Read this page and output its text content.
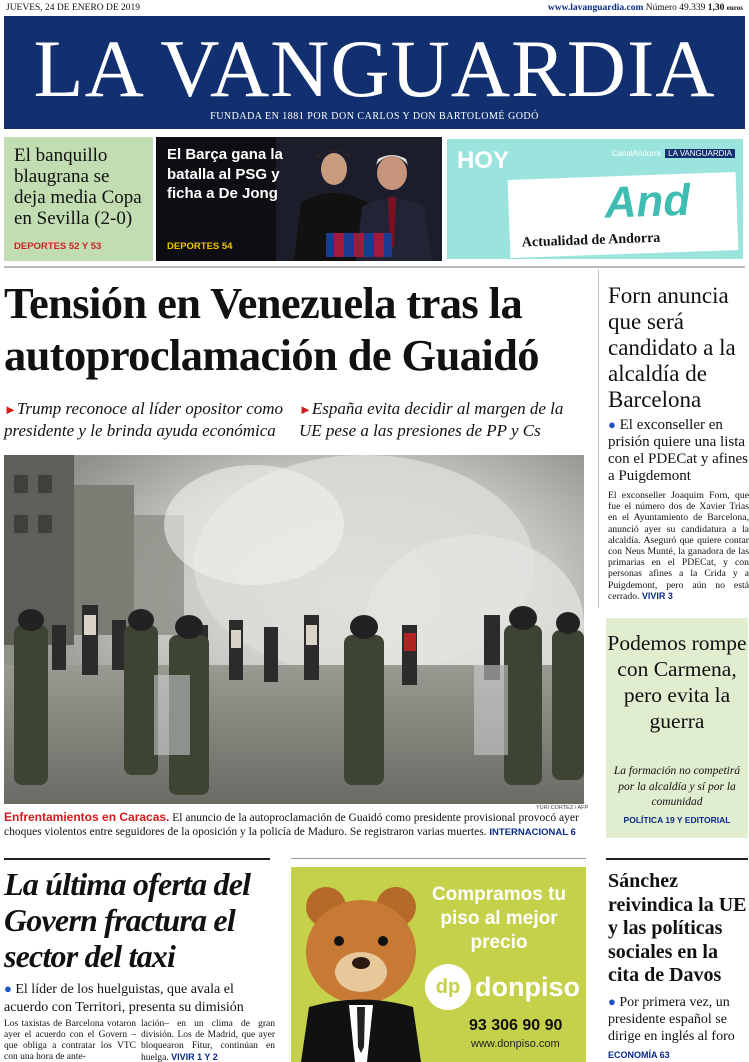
JUEVES, 24 DE ENERO DE 2019	www.lavanguardia.com Número 49.339 1,30 euros
LA VANGUARDIA
FUNDADA EN 1881 POR DON CARLOS Y DON BARTOLOMÉ GODÓ
El banquillo blaugrana se deja media Copa en Sevilla (2-0)
DEPORTES 52 Y 53
El Barça gana la batalla al PSG y ficha a De Jong
DEPORTES 54
HOY	CanalAndorra LA VANGUARDIA
And
Actualidad de Andorra
Tensión en Venezuela tras la autoproclamación de Guaidó
►Trump reconoce al líder opositor como presidente y le brinda ayuda económica
►España evita decidir al margen de la UE pese a las presiones de PP y Cs
YURI CORTEZ / AFP
Enfrentamientos en Caracas. El anuncio de la autoproclamación de Guaidó como presidente provisional provocó ayer choques violentos entre seguidores de la oposición y la policía de Maduro. Se registraron varias muertes. INTERNACIONAL 6
Forn anuncia que será candidato a la alcaldía de Barcelona
● El exconseller en prisión quiere una lista con el PDECat y afines a Puigdemont
El exconseller Joaquim Forn, que fue el número dos de Xavier Trias en el Ayuntamiento de Barcelona, anunció ayer su candidatura a la alcaldía. Aseguró que quiere contar con Neus Munté, la ganadora de las primarias en el PDECat, y con personas afines a la Crida y a Puigdemont, pero aún no está cerrado. VIVIR 3
Podemos rompe con Carmena, pero evita la guerra
La formación no competirá por la alcaldía y sí por la comunidad
POLÍTICA 19 Y EDITORIAL
La última oferta del Govern fractura el sector del taxi
● El líder de los huelguistas, que avala el acuerdo con Territori, presenta su dimisión
Los taxistas de Barcelona votaron ayer el acuerdo con el Govern –que obliga a contratar los VTC con una hora de ante-
lación– en un clima de gran división. Los de Madrid, que ayer bloquearon Fitur, continúan en huelga. VIVIR 1 Y 2
Compramos tu piso al mejor precio
dp donpiso
93 306 90 90
www.donpiso.com
Sánchez reivindica la UE y las políticas sociales en la cita de Davos
● Por primera vez, un presidente español se dirige en inglés al foro
ECONOMÍA 63
